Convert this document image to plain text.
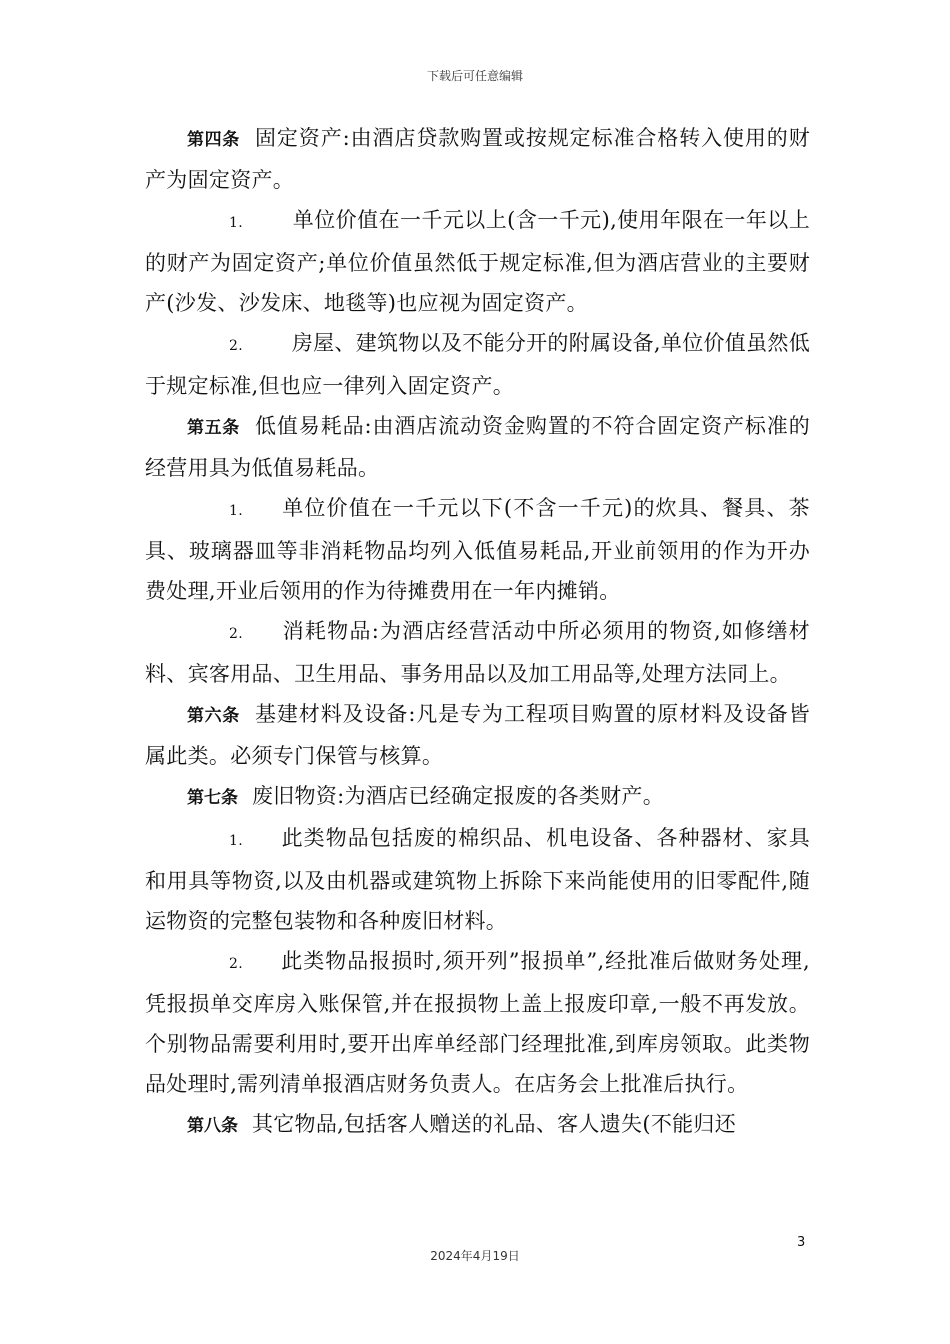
下载后可任意编辑

第四条 固定资产:由酒店贷款购置或按规定标准合格转入使用的财产为固定资产。

1. 单位价值在一千元以上(含一千元),使用年限在一年以上的财产为固定资产;单位价值虽然低于规定标准,但为酒店营业的主要财产(沙发、沙发床、地毯等)也应视为固定资产。

2. 房屋、建筑物以及不能分开的附属设备,单位价值虽然低于规定标准,但也应一律列入固定资产。

第五条 低值易耗品:由酒店流动资金购置的不符合固定资产标准的经营用具为低值易耗品。

1. 单位价值在一千元以下(不含一千元)的炊具、餐具、茶具、玻璃器皿等非消耗物品均列入低值易耗品,开业前领用的作为开办费处理,开业后领用的作为待摊费用在一年内摊销。

2. 消耗物品:为酒店经营活动中所必须用的物资,如修缮材料、宾客用品、卫生用品、事务用品以及加工用品等,处理方法同上。

第六条 基建材料及设备:凡是专为工程项目购置的原材料及设备皆属此类。必须专门保管与核算。

第七条 废旧物资:为酒店已经确定报废的各类财产。

1. 此类物品包括废的棉织品、机电设备、各种器材、家具和用具等物资,以及由机器或建筑物上拆除下来尚能使用的旧零配件,随运物资的完整包装物和各种废旧材料。

2. 此类物品报损时,须开列”报损单”,经批准后做财务处理,凭报损单交库房入账保管,并在报损物上盖上报废印章,一般不再发放。个别物品需要利用时,要开出库单经部门经理批准,到库房领取。此类物品处理时,需列清单报酒店财务负责人。在店务会上批准后执行。

第八条 其它物品,包括客人赠送的礼品、客人遗失(不能归还

3
2024年4月19日
